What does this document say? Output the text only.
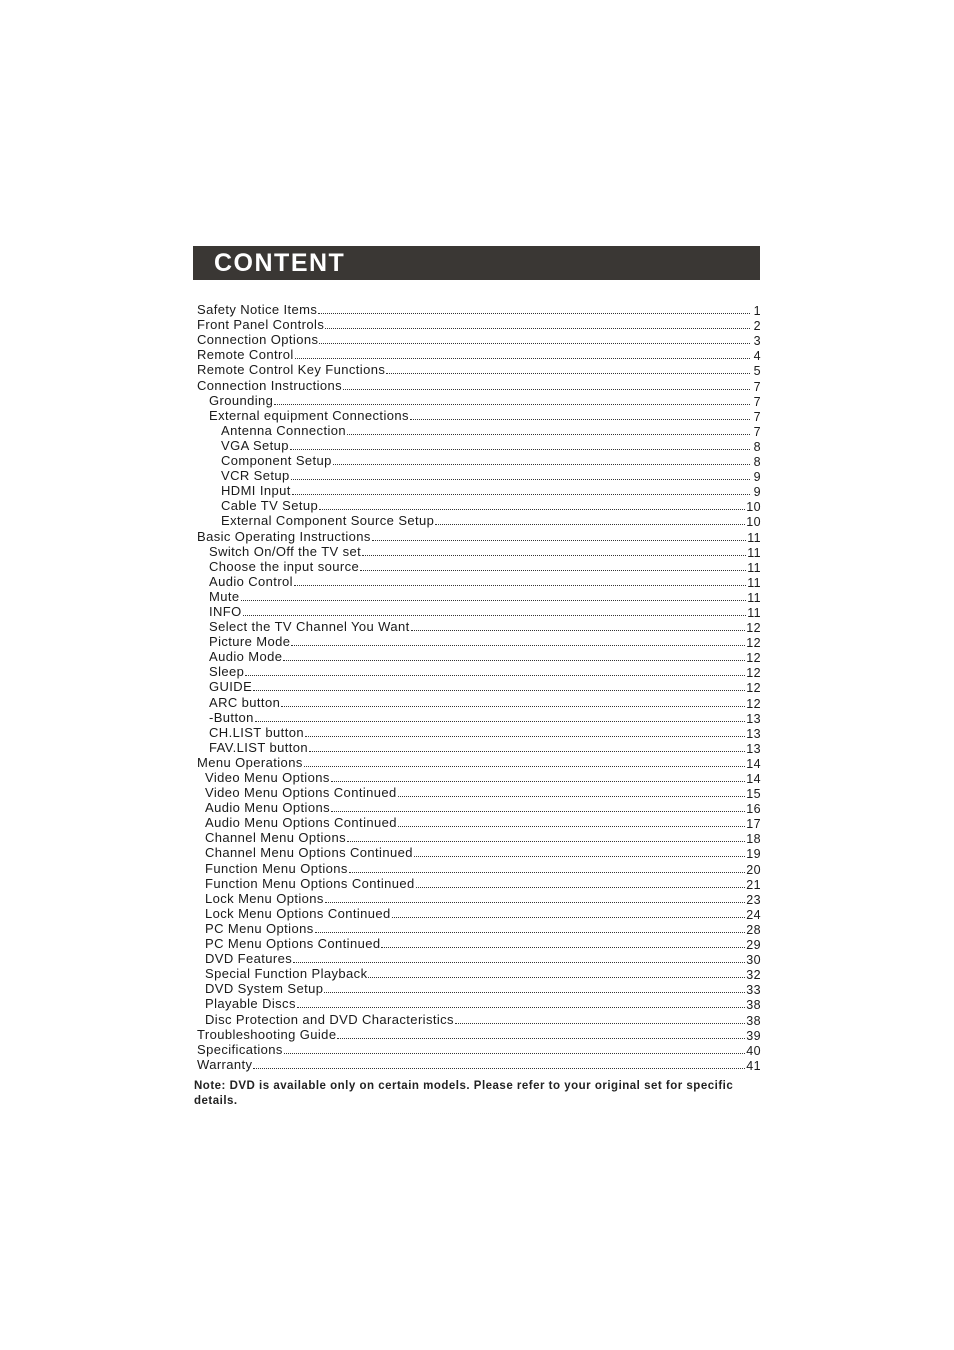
CONTENT
Safety Notice Items	1
Front Panel Controls	2
Connection Options	3
Remote Control	4
Remote Control Key Functions	5
Connection Instructions	7
Grounding	7
External equipment Connections	7
Antenna Connection	7
VGA Setup	8
Component Setup	8
VCR Setup	9
HDMI Input	9
Cable TV Setup	10
External Component Source Setup	10
Basic Operating Instructions	11
Switch On/Off the TV set	11
Choose the input source	11
Audio Control	11
Mute	11
INFO	11
Select the TV Channel You Want	12
Picture Mode	12
Audio Mode	12
Sleep	12
GUIDE	12
ARC button	12
-Button	13
CH.LIST button	13
FAV.LIST button	13
Menu Operations	14
Video Menu Options	14
Video Menu Options Continued	15
Audio Menu Options	16
Audio Menu Options Continued	17
Channel Menu Options	18
Channel Menu Options Continued	19
Function Menu Options	20
Function Menu Options Continued	21
Lock Menu Options	23
Lock Menu Options Continued	24
PC Menu Options	28
PC Menu Options Continued	29
DVD Features	30
Special Function Playback	32
DVD System Setup	33
Playable Discs	38
Disc Protection and DVD Characteristics	38
Troubleshooting Guide	39
Specifications	40
Warranty	41
Note: DVD is available only on certain models. Please refer to your original set for specific details.
